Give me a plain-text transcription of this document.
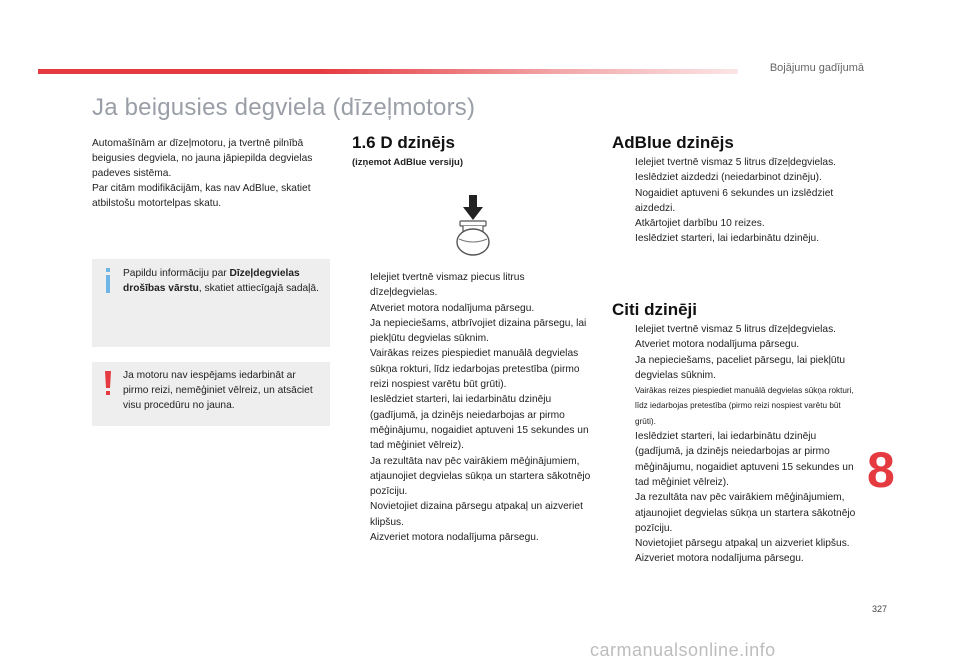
Bojājumu gadījumā
Ja beigusies degviela (dīzeļmotors)

Automašīnām ar dīzeļmotoru, ja tvertnē pilnībā beigusies degviela, no jauna jāpiepilda degvielas padeves sistēma.

Par citām modifikācijām, kas nav AdBlue, skatiet atbilstošu motortelpas skatu.

Papildu informāciju par Dīzeļdegvielas drošības vārstu, skatiet attiecīgajā sadaļā.
Ja motoru nav iespējams iedarbināt ar pirmo reizi, nemēģiniet vēlreiz, un atsāciet visu procedūru no jauna.
1.6 D dzinējs
(izņemot AdBlue versiju)
Ielejiet tvertnē vismaz piecus litrus dīzeļdegvielas.
Atveriet motora nodalījuma pārsegu.
Ja nepieciešams, atbrīvojiet dizaina pārsegu, lai piekļūtu degvielas sūknim.
Vairākas reizes piespiediet manuālā degvielas sūkņa rokturi, līdz iedarbojas pretestība (pirmo reizi nospiest varētu būt grūti).
Ieslēdziet starteri, lai iedarbinātu dzinēju (gadījumā, ja dzinējs neiedarbojas ar pirmo mēģinājumu, nogaidiet aptuveni 15 sekundes un tad mēģiniet vēlreiz).
Ja rezultāta nav pēc vairākiem mēģinājumiem, atjaunojiet degvielas sūkņa un startera sākotnējo pozīciju.
Novietojiet dizaina pārsegu atpakaļ un aizveriet klipšus.
Aizveriet motora nodalījuma pārsegu.
AdBlue dzinējs
Ielejiet tvertnē vismaz 5 litrus dīzeļdegvielas.
Ieslēdziet aizdedzi (neiedarbinot dzinēju).
Nogaidiet aptuveni 6 sekundes un izslēdziet aizdedzi.
Atkārtojiet darbību 10 reizes.
Ieslēdziet starteri, lai iedarbinātu dzinēju.
Citi dzinēji
Ielejiet tvertnē vismaz 5 litrus dīzeļdegvielas.
Atveriet motora nodalījuma pārsegu.
Ja nepieciešams, paceliet pārsegu, lai piekļūtu degvielas sūknim.
Vairākas reizes piespiediet manuālā degvielas sūkņa rokturi, līdz iedarbojas pretestība (pirmo reizi nospiest varētu būt grūti).
Ieslēdziet starteri, lai iedarbinātu dzinēju (gadījumā, ja dzinējs neiedarbojas ar pirmo mēģinājumu, nogaidiet aptuveni 15 sekundes un tad mēģiniet vēlreiz).
Ja rezultāta nav pēc vairākiem mēģinājumiem, atjaunojiet degvielas sūkņa un startera sākotnējo pozīciju.
Novietojiet pārsegu atpakaļ un aizveriet klipšus.
Aizveriet motora nodalījuma pārsegu.
8
327
carmanualsonline.info
